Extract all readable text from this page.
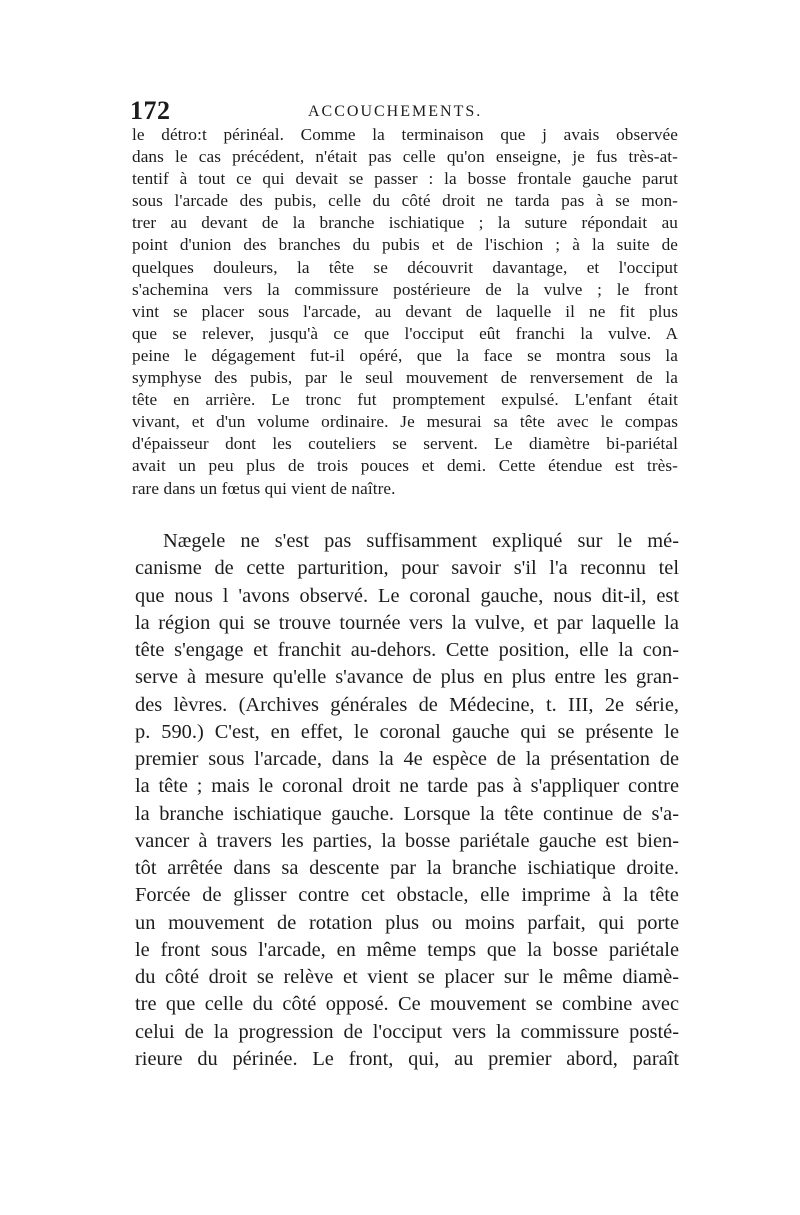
172	ACCOUCHEMENTS.
le détro:t périnéal. Comme la terminaison que j avais observée
dans le cas précédent, n'était pas celle qu'on enseigne, je fus très-at-
tentif à tout ce qui devait se passer : la bosse frontale gauche parut
sous l'arcade des pubis, celle du côté droit ne tarda pas à se mon-
trer au devant de la branche ischiatique ; la suture répondait au
point d'union des branches du pubis et de l'ischion ; à la suite de
quelques douleurs, la tête se découvrit davantage, et l'occiput
s'achemina vers la commissure postérieure de la vulve ; le front
vint se placer sous l'arcade, au devant de laquelle il ne fit plus
que se relever, jusqu'à ce que l'occiput eût franchi la vulve. A
peine le dégagement fut-il opéré, que la face se montra sous la
symphyse des pubis, par le seul mouvement de renversement de la
tête en arrière. Le tronc fut promptement expulsé. L'enfant était
vivant, et d'un volume ordinaire. Je mesurai sa tête avec le compas
d'épaisseur dont les couteliers se servent. Le diamètre bi-pariétal
avait un peu plus de trois pouces et demi. Cette étendue est très-
rare dans un fœtus qui vient de naître.
Nægele ne s'est pas suffisamment expliqué sur le mé-
canisme de cette parturition, pour savoir s'il l'a reconnu tel
que nous l 'avons observé. Le coronal gauche, nous dit-il, est
la région qui se trouve tournée vers la vulve, et par laquelle la
tête s'engage et franchit au-dehors. Cette position, elle la con-
serve à mesure qu'elle s'avance de plus en plus entre les gran-
des lèvres. (Archives générales de Médecine, t. III, 2e série,
p. 590.) C'est, en effet, le coronal gauche qui se présente le
premier sous l'arcade, dans la 4e espèce de la présentation de
la tête ; mais le coronal droit ne tarde pas à s'appliquer contre
la branche ischiatique gauche. Lorsque la tête continue de s'a-
vancer à travers les parties, la bosse pariétale gauche est bien-
tôt arrêtée dans sa descente par la branche ischiatique droite.
Forcée de glisser contre cet obstacle, elle imprime à la tête
un mouvement de rotation plus ou moins parfait, qui porte
le front sous l'arcade, en même temps que la bosse pariétale
du côté droit se relève et vient se placer sur le même diamè-
tre que celle du côté opposé. Ce mouvement se combine avec
celui de la progression de l'occiput vers la commissure posté-
rieure du périnée. Le front, qui, au premier abord, paraît
